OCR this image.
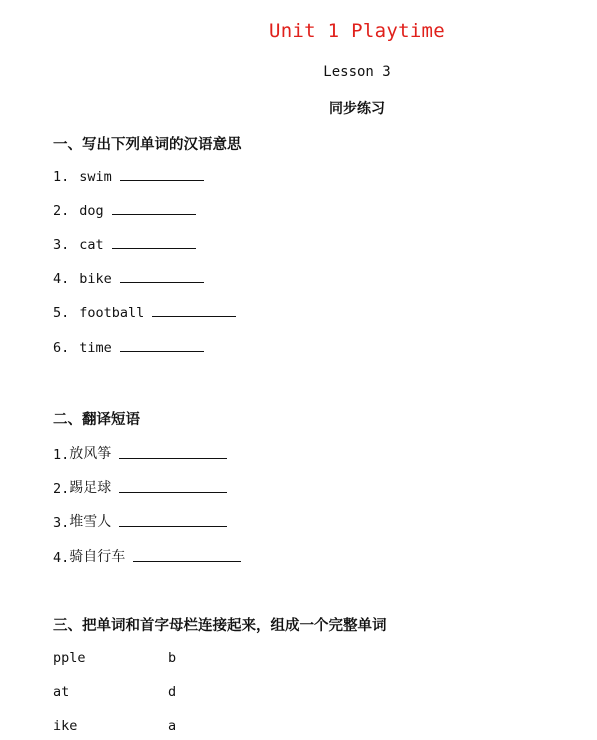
Unit 1 Playtime
Lesson 3
同步练习
一、写出下列单词的汉语意思
1. swim
2. dog
3. cat
4. bike
5. football
6. time
二、翻译短语
1. 放风筝
2. 踢足球
3. 堆雪人
4. 骑自行车
三、把单词和首字母栏连接起来，组成一个完整单词
pple	b
at	d
ike	a
